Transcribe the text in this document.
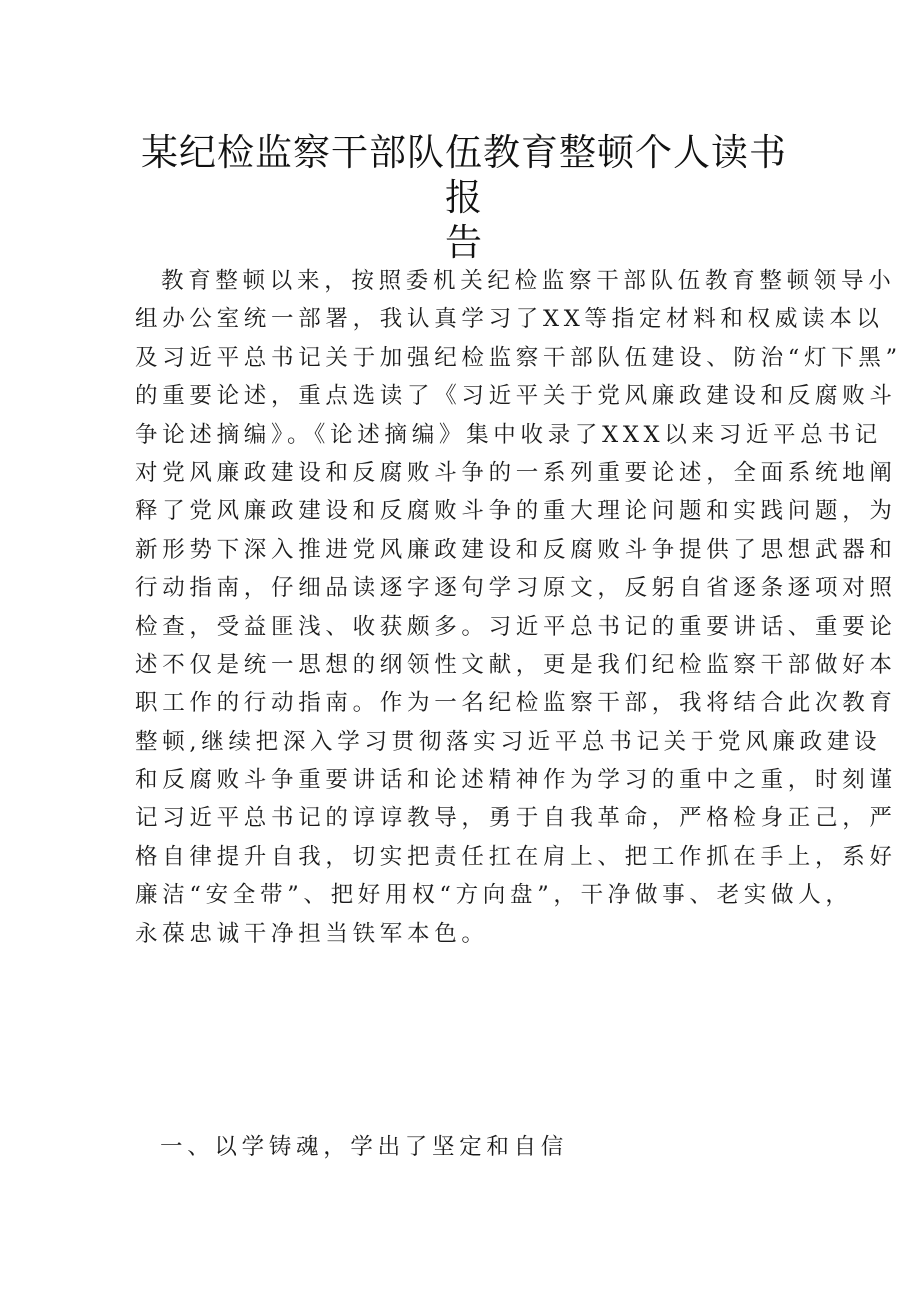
某纪检监察干部队伍教育整顿个人读书报
告
教育整顿以来，按照委机关纪检监察干部队伍教育整顿领导小
组办公室统一部署，我认真学习了XX等指定材料和权威读本以
及习近平总书记关于加强纪检监察干部队伍建设、防治“灯下黑”
的重要论述，重点选读了《习近平关于党风廉政建设和反腐败斗
争论述摘编》。《论述摘编》集中收录了XXX以来习近平总书记
对党风廉政建设和反腐败斗争的一系列重要论述，全面系统地阐
释了党风廉政建设和反腐败斗争的重大理论问题和实践问题，为
新形势下深入推进党风廉政建设和反腐败斗争提供了思想武器和
行动指南，仔细品读逐字逐句学习原文，反躬自省逐条逐项对照
检查，受益匪浅、收获颇多。习近平总书记的重要讲话、重要论
述不仅是统一思想的纲领性文献，更是我们纪检监察干部做好本
职工作的行动指南。作为一名纪检监察干部，我将结合此次教育
整顿,继续把深入学习贯彻落实习近平总书记关于党风廉政建设
和反腐败斗争重要讲话和论述精神作为学习的重中之重，时刻谨
记习近平总书记的谆谆教导，勇于自我革命，严格检身正己，严
格自律提升自我，切实把责任扛在肩上、把工作抓在手上，系好
廉洁“安全带”、把好用权“方向盘”，干净做事、老实做人，
永葆忠诚干净担当铁军本色。

一、以学铸魂，学出了坚定和自信
